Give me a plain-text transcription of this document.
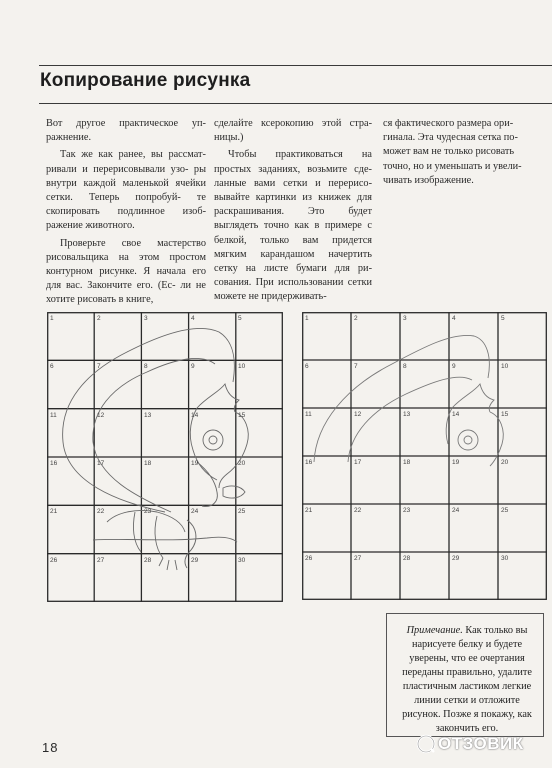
Копирование рисунка

Вот другое практическое уп- ражнение.

Так же как ранее, вы рассмат- ривали и перерисовывали узо- ры внутри каждой маленькой ячейки сетки. Теперь попробуй- те скопировать подлинное изоб- ражение животного.

Проверьте свое мастерство рисовальщика на этом простом контурном рисунке. Я начала его для вас. Закончите его. (Ес- ли не хотите рисовать в книге,

сделайте ксерокопию этой стра- ницы.)

Чтобы практиковаться на простых заданиях, возьмите сде- ланные вами сетки и перерисо- вывайте картинки из книжек для раскрашивания. Это будет выглядеть точно как в примере с белкой, только вам придется мягким карандашом начертить сетку на листе бумаги для ри- сования. При использовании сетки можете не придерживать-

ся фактического размера ори-
гинала. Эта чудесная сетка по-
может вам не только рисовать
точно, но и уменьшать и увели-
чивать изображение.
1	2	3	4	5
6	7	8	9	10
11	12	13	14	15
16	17	18	19	20
21	22	23	24	25
26	27	28	29	30
1	2	3	4	5
6	7	8	9	10
11	12	13	14	15
16	17	18	19	20
21	22	23	24	25
26	27	28	29	30
Примечание. Как только вы нарисуете белку и будете уверены, что ее очертания переданы правильно, удалите пластичным ластиком легкие линии сетки и отложите рисунок. Позже я покажу, как закончить его.
18	ОТЗОВИК
